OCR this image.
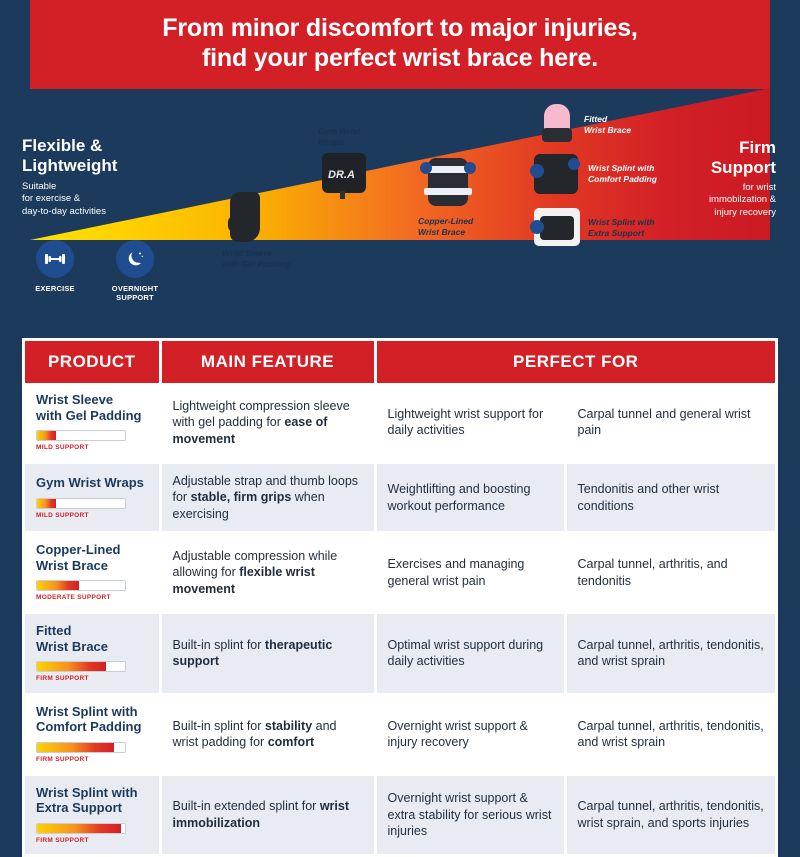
From minor discomfort to major injuries,
find your perfect wrist brace here.
Flexible &
Lightweight
Suitable
for exercise &
day-to-day activities
Firm
Support
for wrist
immobilzation &
injury recovery
EXERCISE	OVERNIGHT
SUPPORT
Wrist Sleeve
with Gel Padding
Gym Wrist
Wraps
DR.A
Copper-Lined
Wrist Brace
Fitted
Wrist Brace
Wrist Splint with
Comfort Padding
Wrist Splint with
Extra Support
PRODUCT	MAIN FEATURE	PERFECT FOR	

Wrist Sleeve
with Gel Padding
MILD SUPPORT	Lightweight compression sleeve with gel padding for ease of movement	Lightweight wrist support for daily activities	Carpal tunnel and general wrist pain

Gym Wrist Wraps
MILD SUPPORT	Adjustable strap and thumb loops for stable, firm grips when exercising	Weightlifting and boosting workout performance	Tendonitis and other wrist conditions

Copper-Lined
Wrist Brace
MODERATE SUPPORT	Adjustable compression while allowing for flexible wrist movement	Exercises and managing general wrist pain	Carpal tunnel, arthritis, and tendonitis

Fitted
Wrist Brace
FIRM SUPPORT	Built-in splint for therapeutic support	Optimal wrist support during daily activities	Carpal tunnel, arthritis, tendonitis, and wrist sprain

Wrist Splint with
Comfort Padding
FIRM SUPPORT	Built-in splint for stability and wrist padding for comfort	Overnight wrist support & injury recovery	Carpal tunnel, arthritis, tendonitis, and wrist sprain

Wrist Splint with
Extra Support
FIRM SUPPORT	Built-in extended splint for wrist immobilization	Overnight wrist support & extra stability for serious wrist injuries	Carpal tunnel, arthritis, tendonitis, wrist sprain, and sports injuries
